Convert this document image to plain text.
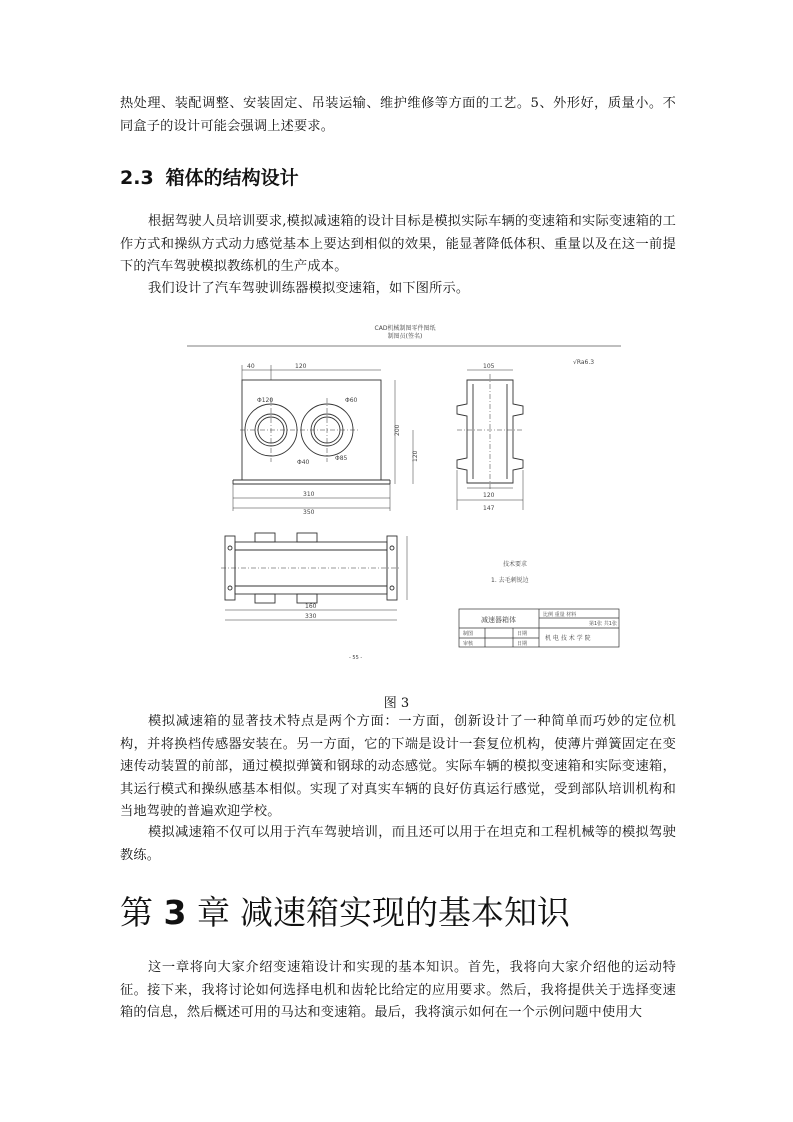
热处理、装配调整、安装固定、吊装运输、维护维修等方面的工艺。5、外形好，质量小。不同盒子的设计可能会强调上述要求。
2.3 箱体的结构设计
根据驾驶人员培训要求,模拟减速箱的设计目标是模拟实际车辆的变速箱和实际变速箱的工作方式和操纵方式动力感觉基本上要达到相似的效果，能显著降低体积、重量以及在这一前提下的汽车驾驶模拟教练机的生产成本。
我们设计了汽车驾驶训练器模拟变速箱，如下图所示。
CAD机械制图零件图纸
制图员(签名)
√Ra6.3
40	120
Φ120	Φ60
Φ40
Φ85
200
120
310
350
105
120
147
160
330
技术要求
1. 去毛刺锐边
减速器箱体
比例 重量 材料
第1张 共1张
制图
审核
日期
日期
机 电 技 术 学 院
- 55 -
图 3
模拟减速箱的显著技术特点是两个方面：一方面，创新设计了一种简单而巧妙的定位机构，并将换档传感器安装在。另一方面，它的下端是设计一套复位机构，使薄片弹簧固定在变速传动装置的前部，通过模拟弹簧和钢球的动态感觉。实际车辆的模拟变速箱和实际变速箱，其运行模式和操纵感基本相似。实现了对真实车辆的良好仿真运行感觉，受到部队培训机构和当地驾驶的普遍欢迎学校。
模拟减速箱不仅可以用于汽车驾驶培训，而且还可以用于在坦克和工程机械等的模拟驾驶教练。
第 3 章 减速箱实现的基本知识
这一章将向大家介绍变速箱设计和实现的基本知识。首先，我将向大家介绍他的运动特征。接下来，我将讨论如何选择电机和齿轮比给定的应用要求。然后，我将提供关于选择变速箱的信息，然后概述可用的马达和变速箱。最后，我将演示如何在一个示例问题中使用大
